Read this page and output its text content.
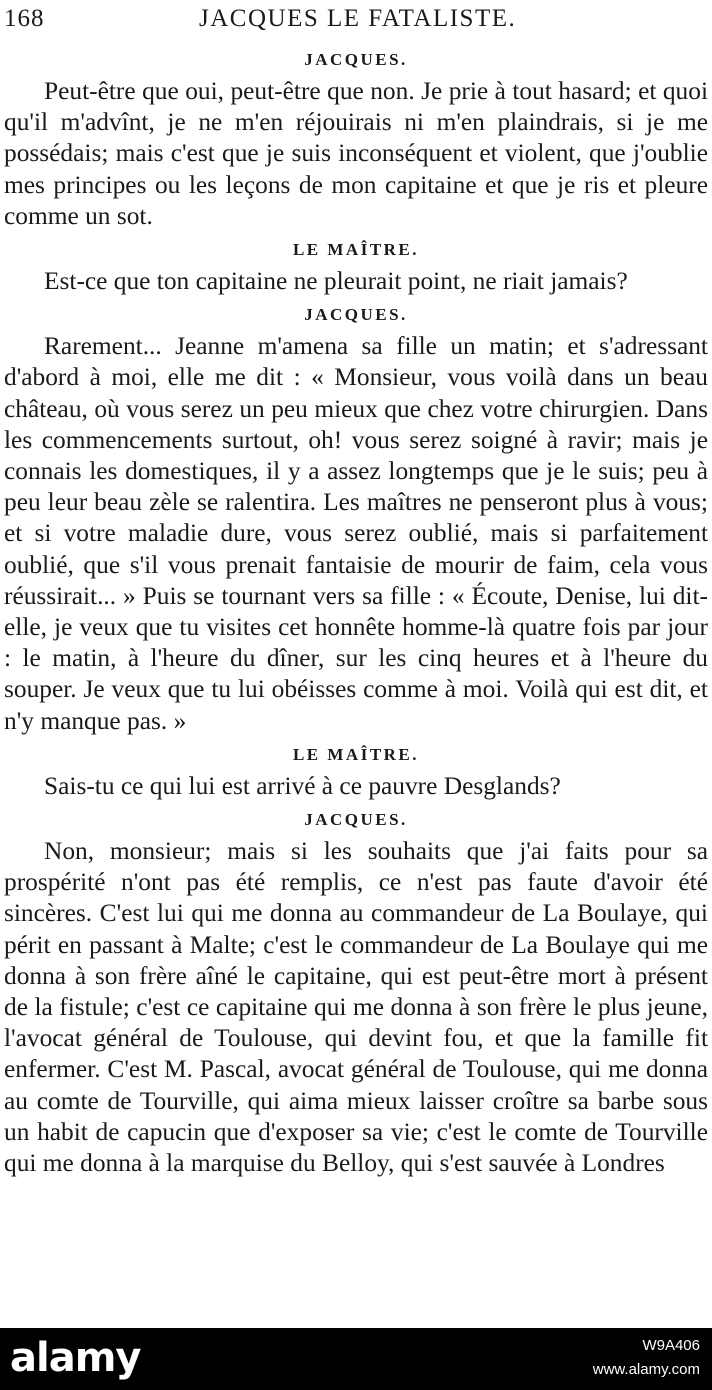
168	JACQUES LE FATALISTE.
JACQUES.

Peut-être que oui, peut-être que non. Je prie à tout hasard; et quoi qu'il m'advînt, je ne m'en réjouirais ni m'en plaindrais, si je me possédais; mais c'est que je suis inconséquent et violent, que j'oublie mes principes ou les leçons de mon capitaine et que je ris et pleure comme un sot.

LE MAÎTRE.

Est-ce que ton capitaine ne pleurait point, ne riait jamais?

JACQUES.

Rarement... Jeanne m'amena sa fille un matin; et s'adressant d'abord à moi, elle me dit : « Monsieur, vous voilà dans un beau château, où vous serez un peu mieux que chez votre chirurgien. Dans les commencements surtout, oh! vous serez soigné à ravir; mais je connais les domestiques, il y a assez longtemps que je le suis; peu à peu leur beau zèle se ralentira. Les maîtres ne penseront plus à vous; et si votre maladie dure, vous serez oublié, mais si parfaitement oublié, que s'il vous prenait fantaisie de mourir de faim, cela vous réussirait... » Puis se tournant vers sa fille : « Écoute, Denise, lui dit-elle, je veux que tu visites cet honnête homme-là quatre fois par jour : le matin, à l'heure du dîner, sur les cinq heures et à l'heure du souper. Je veux que tu lui obéisses comme à moi. Voilà qui est dit, et n'y manque pas. »

LE MAÎTRE.

Sais-tu ce qui lui est arrivé à ce pauvre Desglands?

JACQUES.

Non, monsieur; mais si les souhaits que j'ai faits pour sa prospérité n'ont pas été remplis, ce n'est pas faute d'avoir été sincères. C'est lui qui me donna au commandeur de La Boulaye, qui périt en passant à Malte; c'est le commandeur de La Boulaye qui me donna à son frère aîné le capitaine, qui est peut-être mort à présent de la fistule; c'est ce capitaine qui me donna à son frère le plus jeune, l'avocat général de Toulouse, qui devint fou, et que la famille fit enfermer. C'est M. Pascal, avocat général de Toulouse, qui me donna au comte de Tourville, qui aima mieux laisser croître sa barbe sous un habit de capucin que d'exposer sa vie; c'est le comte de Tourville qui me donna à la marquise du Belloy, qui s'est sauvée à Londres

alamy	W9A406
www.alamy.com
